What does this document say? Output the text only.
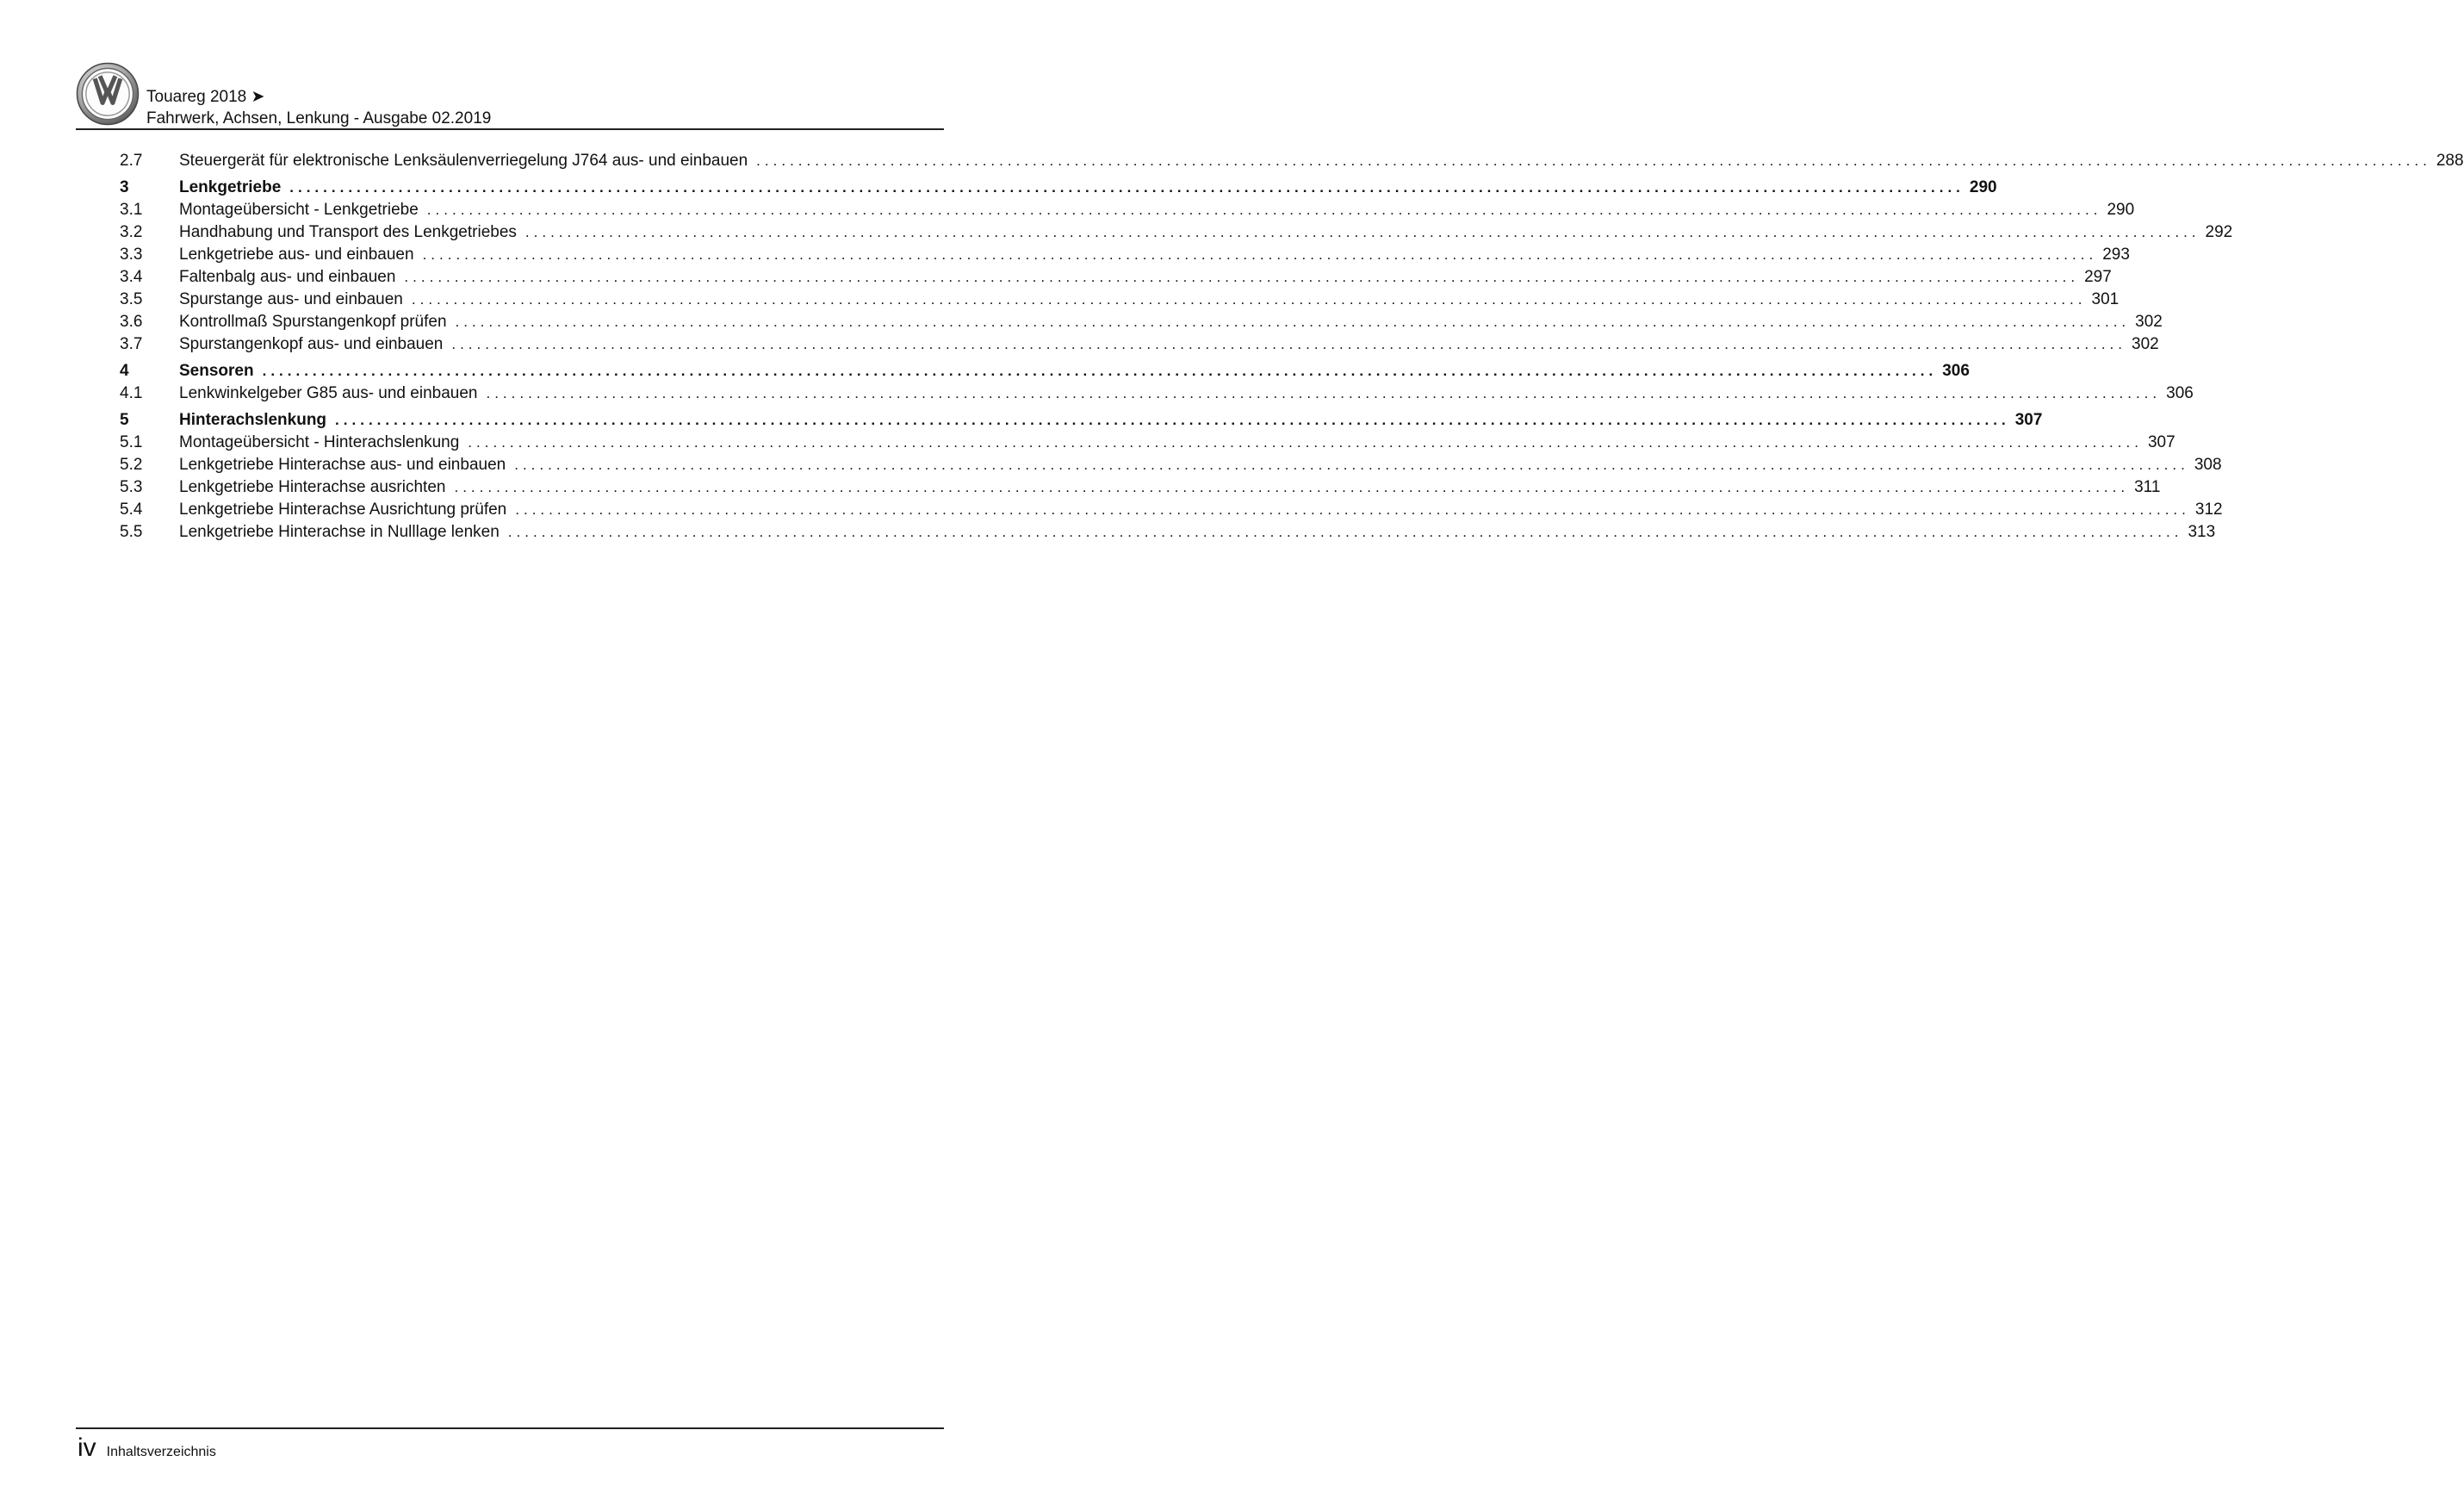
Touareg 2018 ➤
Fahrwerk, Achsen, Lenkung - Ausgabe 02.2019
2.7	Steuergerät für elektronische Lenksäulenverriegelung J764 aus- und einbauen ........................................................................................................................................................................................................ 288
3	Lenkgetriebe ........................................................................................................................................................................................................ 290
3.1	Montageübersicht - Lenkgetriebe ........................................................................................................................................................................................................ 290
3.2	Handhabung und Transport des Lenkgetriebes ........................................................................................................................................................................................................ 292
3.3	Lenkgetriebe aus- und einbauen ........................................................................................................................................................................................................ 293
3.4	Faltenbalg aus- und einbauen ........................................................................................................................................................................................................ 297
3.5	Spurstange aus- und einbauen ........................................................................................................................................................................................................ 301
3.6	Kontrollmaß Spurstangenkopf prüfen ........................................................................................................................................................................................................ 302
3.7	Spurstangenkopf aus- und einbauen ........................................................................................................................................................................................................ 302
4	Sensoren ........................................................................................................................................................................................................ 306
4.1	Lenkwinkelgeber G85 aus- und einbauen ........................................................................................................................................................................................................ 306
5	Hinterachslenkung ........................................................................................................................................................................................................ 307
5.1	Montageübersicht - Hinterachslenkung ........................................................................................................................................................................................................ 307
5.2	Lenkgetriebe Hinterachse aus- und einbauen ........................................................................................................................................................................................................ 308
5.3	Lenkgetriebe Hinterachse ausrichten ........................................................................................................................................................................................................ 311
5.4	Lenkgetriebe Hinterachse Ausrichtung prüfen ........................................................................................................................................................................................................ 312
5.5	Lenkgetriebe Hinterachse in Nulllage lenken ........................................................................................................................................................................................................ 313
iv Inhaltsverzeichnis
